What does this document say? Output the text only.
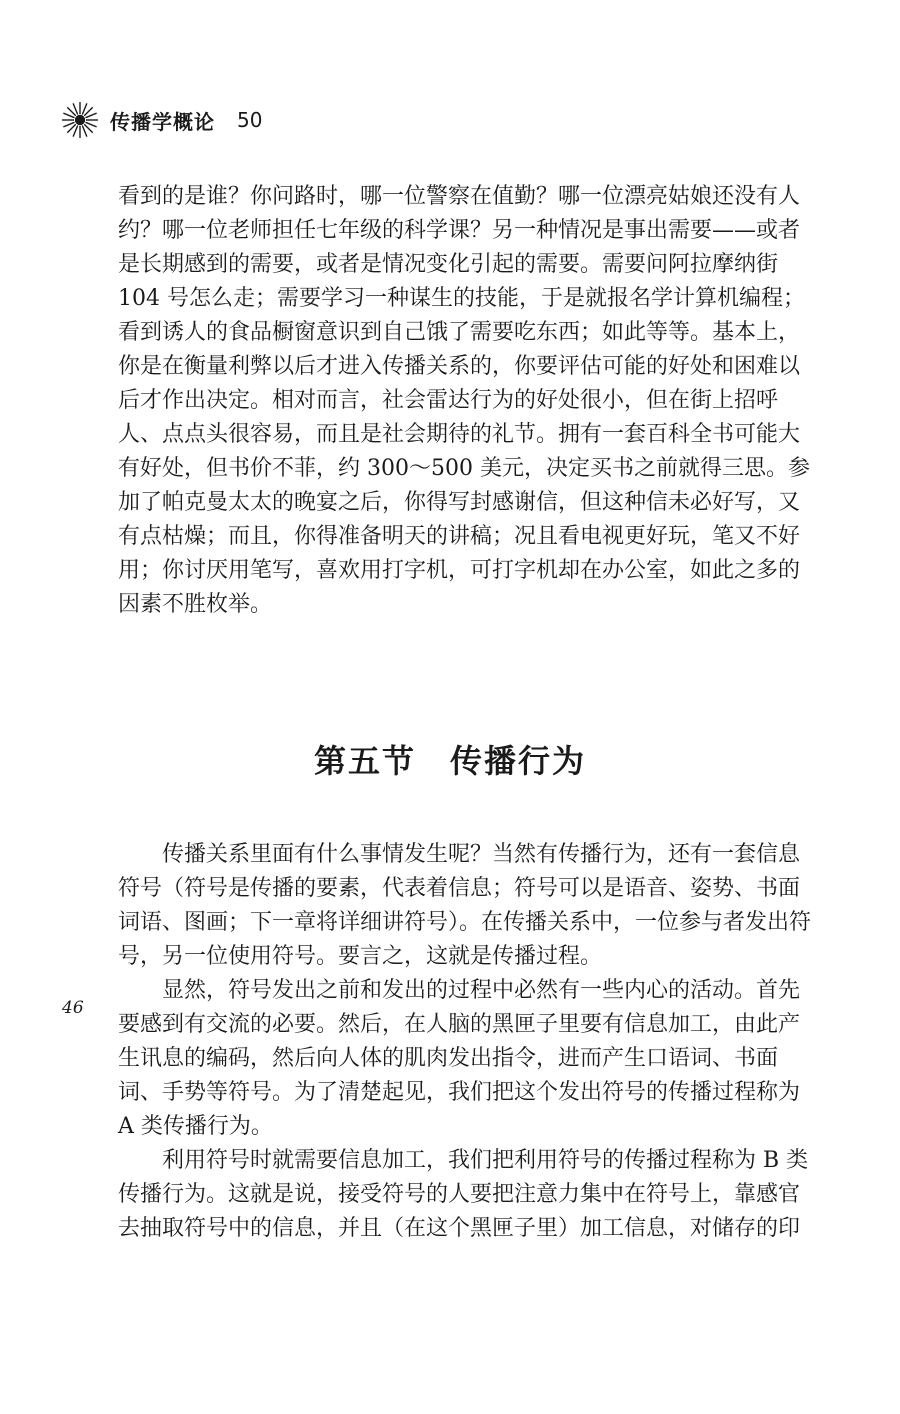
传播学概论 50

看到的是谁？你问路时，哪一位警察在值勤？哪一位漂亮姑娘还没有人约？哪一位老师担任七年级的科学课？另一种情况是事出需要——或者是长期感到的需要，或者是情况变化引起的需要。需要问阿拉摩纳街 104 号怎么走；需要学习一种谋生的技能，于是就报名学计算机编程；看到诱人的食品橱窗意识到自己饿了需要吃东西；如此等等。基本上，你是在衡量利弊以后才进入传播关系的，你要评估可能的好处和困难以后才作出决定。相对而言，社会雷达行为的好处很小，但在街上招呼人、点点头很容易，而且是社会期待的礼节。拥有一套百科全书可能大有好处，但书价不菲，约 300～500 美元，决定买书之前就得三思。参加了帕克曼太太的晚宴之后，你得写封感谢信，但这种信未必好写，又有点枯燥；而且，你得准备明天的讲稿；况且看电视更好玩，笔又不好用；你讨厌用笔写，喜欢用打字机，可打字机却在办公室，如此之多的因素不胜枚举。

第五节　传播行为

传播关系里面有什么事情发生呢？当然有传播行为，还有一套信息符号（符号是传播的要素，代表着信息；符号可以是语音、姿势、书面词语、图画；下一章将详细讲符号）。在传播关系中，一位参与者发出符号，另一位使用符号。要言之，这就是传播过程。

显然，符号发出之前和发出的过程中必然有一些内心的活动。首先要感到有交流的必要。然后，在人脑的黑匣子里要有信息加工，由此产生讯息的编码，然后向人体的肌肉发出指令，进而产生口语词、书面词、手势等符号。为了清楚起见，我们把这个发出符号的传播过程称为 A 类传播行为。

利用符号时就需要信息加工，我们把利用符号的传播过程称为 B 类传播行为。这就是说，接受符号的人要把注意力集中在符号上，靠感官去抽取符号中的信息，并且（在这个黑匣子里）加工信息，对储存的印

46
